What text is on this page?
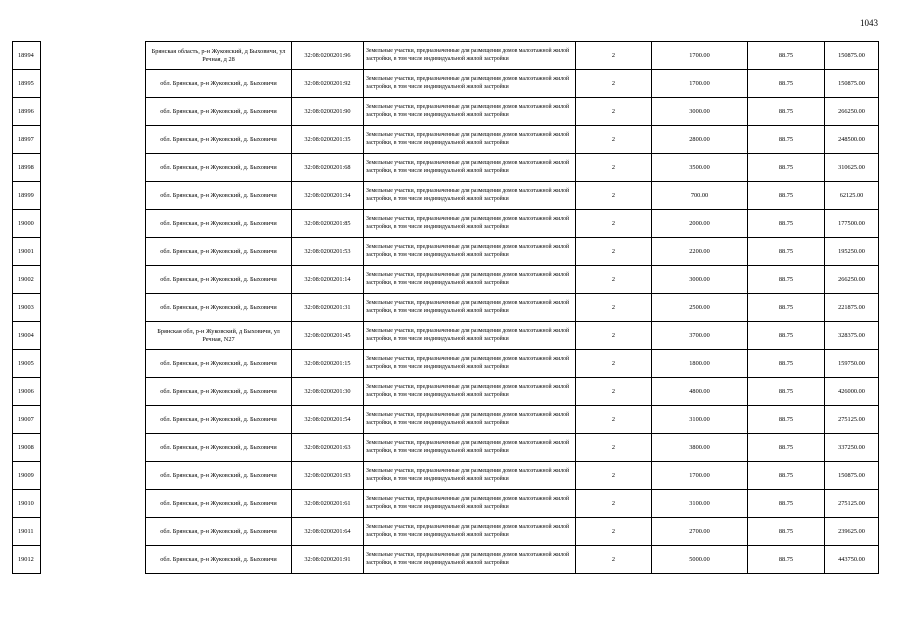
1043
18994		Брянская область, р-н Жуковский, д Быховичи, ул Речная, д 28	32:08:0200201:96	Земельные участки, предназначенные для размещения домов малоэтажной жилой застройки, в том числе индивидуальной жилой застройки	2	1700.00	88.75	150875.00
18995		обл. Брянская, р-н Жуковский, д. Быховичи	32:08:0200201:92	Земельные участки, предназначенные для размещения домов малоэтажной жилой застройки, в том числе индивидуальной жилой застройки	2	1700.00	88.75	150875.00
18996		обл. Брянская, р-н Жуковский, д. Быховичи	32:08:0200201:90	Земельные участки, предназначенные для размещения домов малоэтажной жилой застройки, в том числе индивидуальной жилой застройки	2	3000.00	88.75	266250.00
18997		обл. Брянская, р-н Жуковский, д. Быховичи	32:08:0200201:35	Земельные участки, предназначенные для размещения домов малоэтажной жилой застройки, в том числе индивидуальной жилой застройки	2	2800.00	88.75	248500.00
18998		обл. Брянская, р-н Жуковский, д. Быховичи	32:08:0200201:68	Земельные участки, предназначенные для размещения домов малоэтажной жилой застройки, в том числе индивидуальной жилой застройки	2	3500.00	88.75	310625.00
18999		обл. Брянская, р-н Жуковский, д. Быховичи	32:08:0200201:34	Земельные участки, предназначенные для размещения домов малоэтажной жилой застройки, в том числе индивидуальной жилой застройки	2	700.00	88.75	62125.00
19000		обл. Брянская, р-н Жуковский, д. Быховичи	32:08:0200201:85	Земельные участки, предназначенные для размещения домов малоэтажной жилой застройки, в том числе индивидуальной жилой застройки	2	2000.00	88.75	177500.00
19001		обл. Брянская, р-н Жуковский, д. Быховичи	32:08:0200201:53	Земельные участки, предназначенные для размещения домов малоэтажной жилой застройки, в том числе индивидуальной жилой застройки	2	2200.00	88.75	195250.00
19002		обл. Брянская, р-н Жуковский, д. Быховичи	32:08:0200201:14	Земельные участки, предназначенные для размещения домов малоэтажной жилой застройки, в том числе индивидуальной жилой застройки	2	3000.00	88.75	266250.00
19003		обл. Брянская, р-н Жуковский, д. Быховичи	32:08:0200201:31	Земельные участки, предназначенные для размещения домов малоэтажной жилой застройки, в том числе индивидуальной жилой застройки	2	2500.00	88.75	221875.00
19004		Брянская обл, р-н Жуковский, д Быховичи, ул Речная, N27	32:08:0200201:45	Земельные участки, предназначенные для размещения домов малоэтажной жилой застройки, в том числе индивидуальной жилой застройки	2	3700.00	88.75	328375.00
19005		обл. Брянская, р-н Жуковский, д. Быховичи	32:08:0200201:15	Земельные участки, предназначенные для размещения домов малоэтажной жилой застройки, в том числе индивидуальной жилой застройки	2	1800.00	88.75	159750.00
19006		обл. Брянская, р-н Жуковский, д. Быховичи	32:08:0200201:30	Земельные участки, предназначенные для размещения домов малоэтажной жилой застройки, в том числе индивидуальной жилой застройки	2	4800.00	88.75	426000.00
19007		обл. Брянская, р-н Жуковский, д. Быховичи	32:08:0200201:54	Земельные участки, предназначенные для размещения домов малоэтажной жилой застройки, в том числе индивидуальной жилой застройки	2	3100.00	88.75	275125.00
19008		обл. Брянская, р-н Жуковский, д. Быховичи	32:08:0200201:63	Земельные участки, предназначенные для размещения домов малоэтажной жилой застройки, в том числе индивидуальной жилой застройки	2	3800.00	88.75	337250.00
19009		обл. Брянская, р-н Жуковский, д. Быховичи	32:08:0200201:93	Земельные участки, предназначенные для размещения домов малоэтажной жилой застройки, в том числе индивидуальной жилой застройки	2	1700.00	88.75	150875.00
19010		обл. Брянская, р-н Жуковский, д. Быховичи	32:08:0200201:61	Земельные участки, предназначенные для размещения домов малоэтажной жилой застройки, в том числе индивидуальной жилой застройки	2	3100.00	88.75	275125.00
19011		обл. Брянская, р-н Жуковский, д. Быховичи	32:08:0200201:64	Земельные участки, предназначенные для размещения домов малоэтажной жилой застройки, в том числе индивидуальной жилой застройки	2	2700.00	88.75	239625.00
19012		обл. Брянская, р-н Жуковский, д. Быховичи	32:08:0200201:91	Земельные участки, предназначенные для размещения домов малоэтажной жилой застройки, в том числе индивидуальной жилой застройки	2	5000.00	88.75	443750.00
